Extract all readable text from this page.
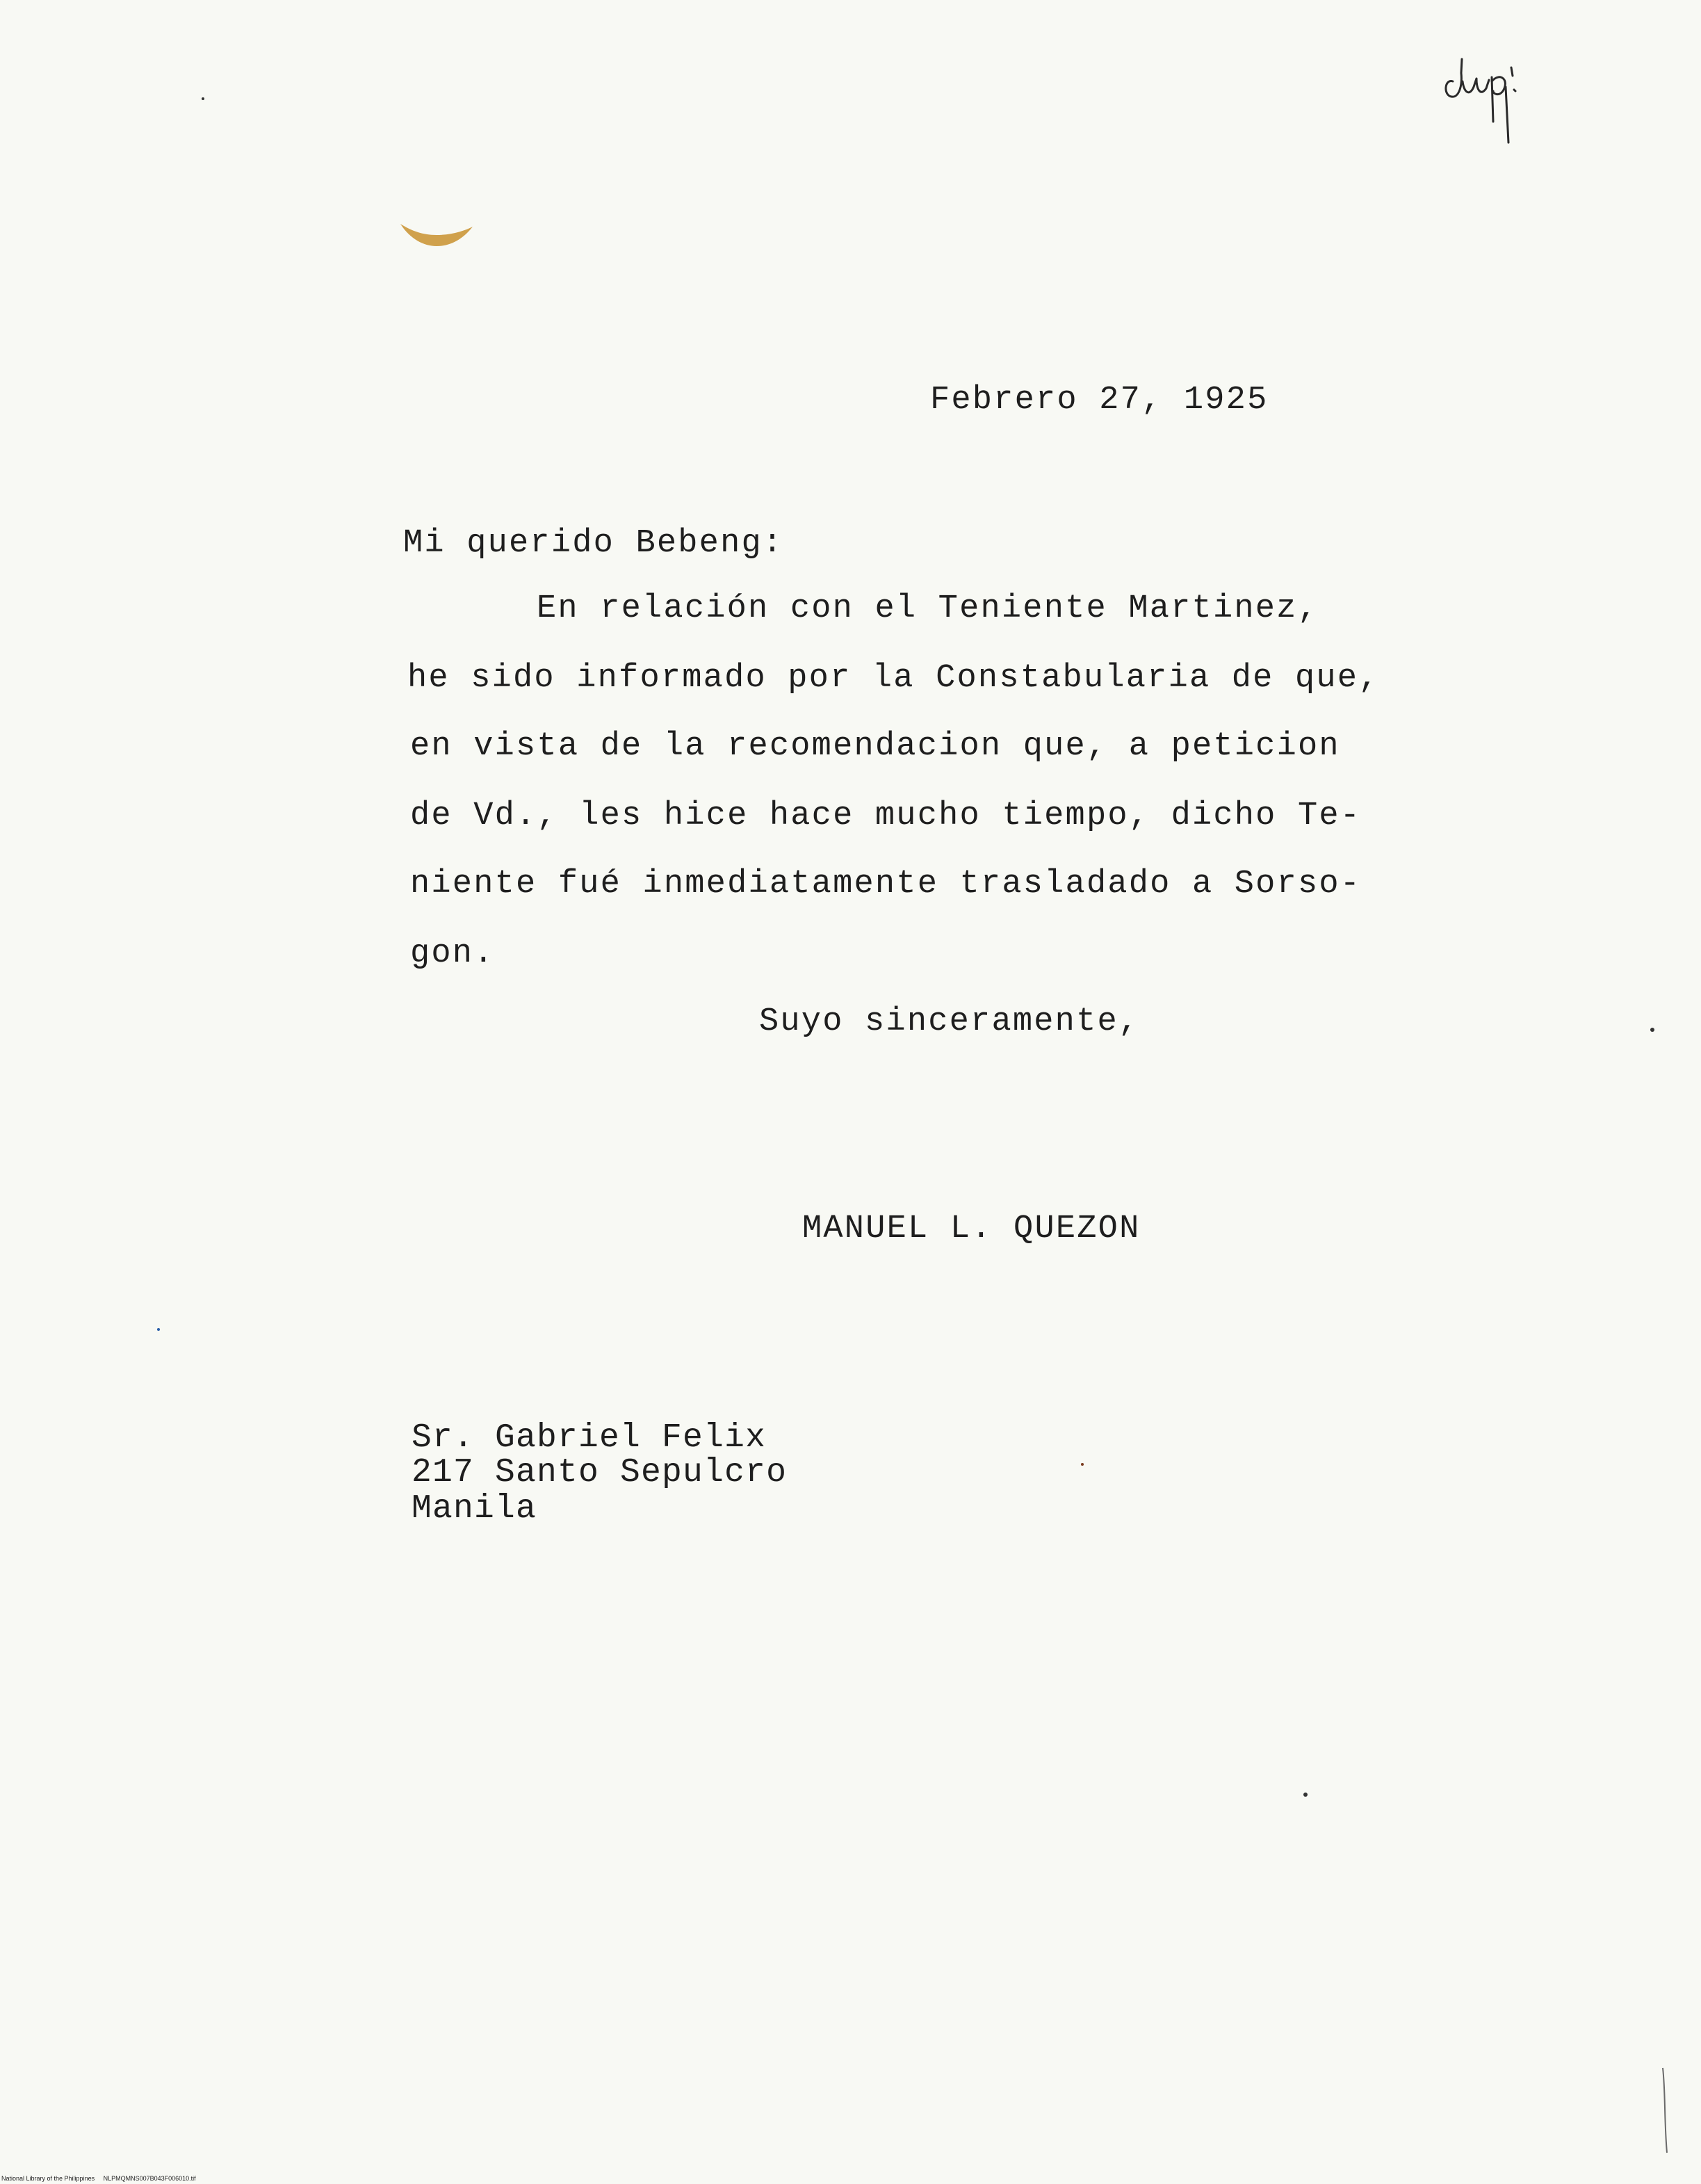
Febrero 27, 1925

Mi querido Bebeng:

En relación con el Teniente Martinez,

he sido informado por la Constabularia de que,

en vista de la recomendacion que, a peticion

de Vd., les hice hace mucho tiempo, dicho Te-

niente fué inmediatamente trasladado a Sorso-

gon.

Suyo sinceramente,

MANUEL L. QUEZON

Sr. Gabriel Felix

217 Santo Sepulcro

Manila

National Library of the Philippines NLPMQMNS007B043F006010.tif
